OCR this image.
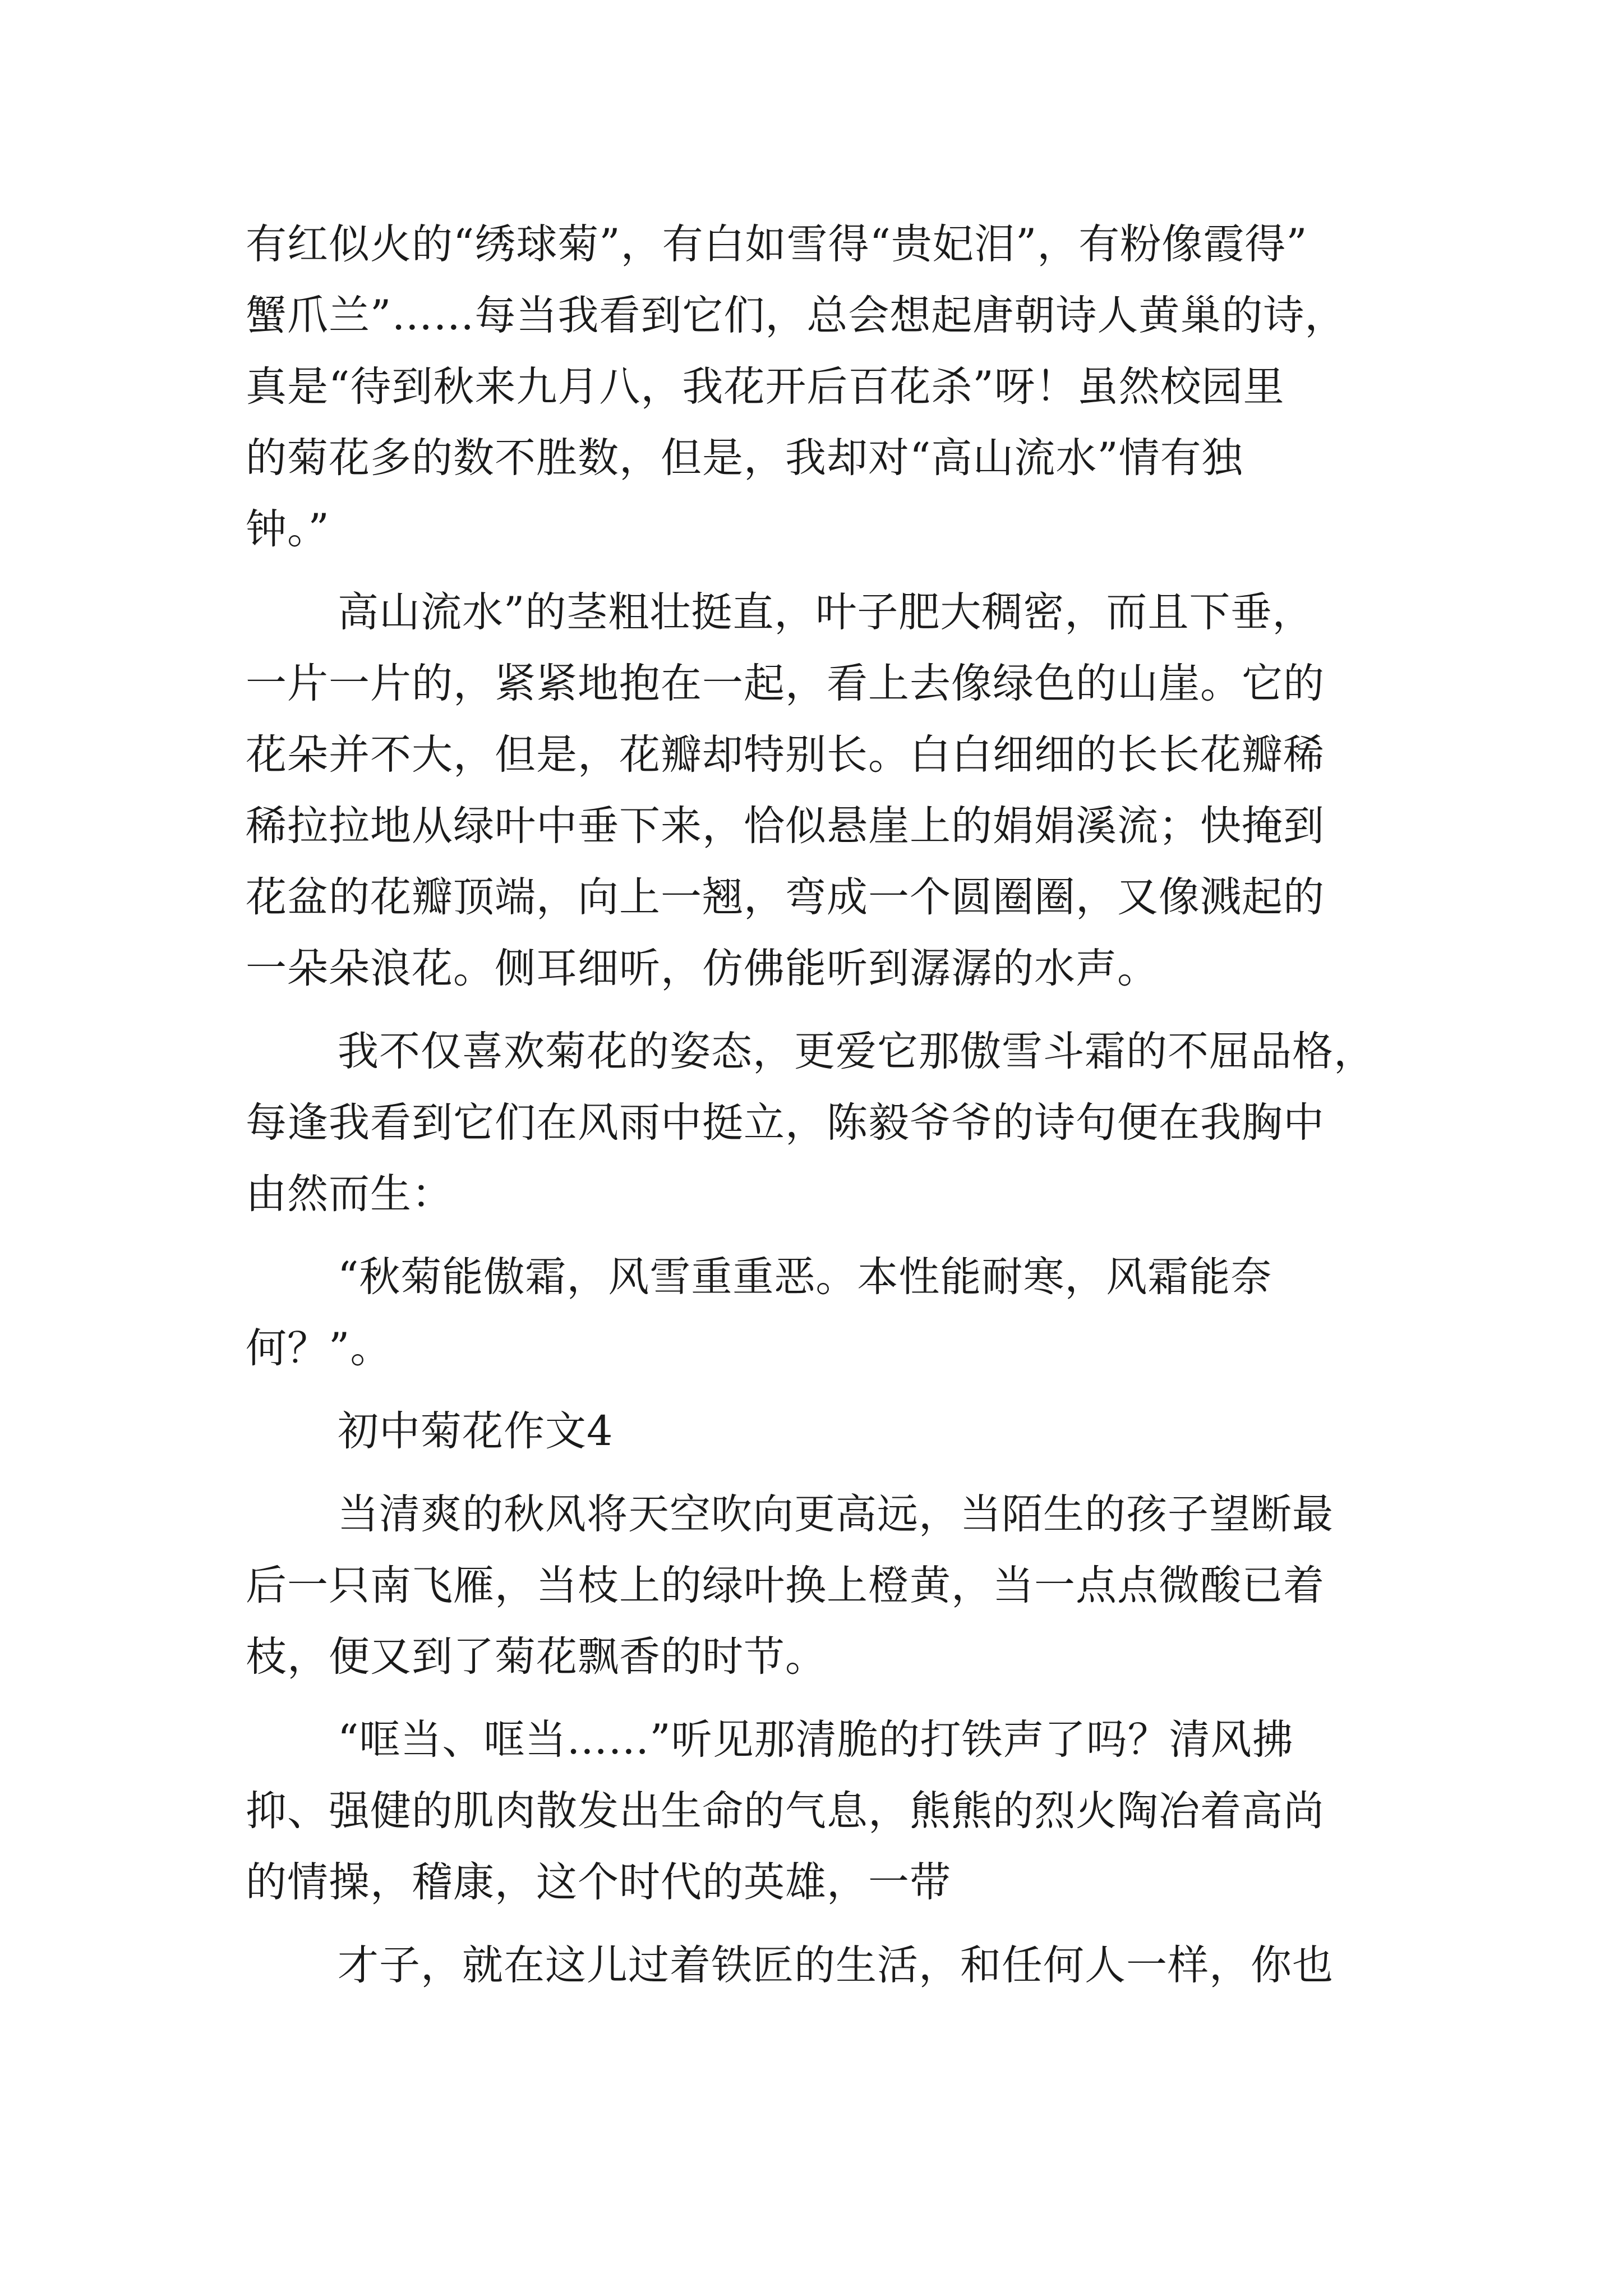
有红似火的“绣球菊”，有白如雪得“贵妃泪”，有粉像霞得”
蟹爪兰”……每当我看到它们，总会想起唐朝诗人黄巢的诗，
真是“待到秋来九月八，我花开后百花杀”呀！虽然校园里
的菊花多的数不胜数，但是，我却对“高山流水”情有独
钟。”
高山流水”的茎粗壮挺直，叶子肥大稠密，而且下垂，
一片一片的，紧紧地抱在一起，看上去像绿色的山崖。它的
花朵并不大，但是，花瓣却特别长。白白细细的长长花瓣稀
稀拉拉地从绿叶中垂下来，恰似悬崖上的娟娟溪流；快掩到
花盆的花瓣顶端，向上一翘，弯成一个圆圈圈，又像溅起的
一朵朵浪花。侧耳细听，仿佛能听到潺潺的水声。
我不仅喜欢菊花的姿态，更爱它那傲雪斗霜的不屈品格，
每逢我看到它们在风雨中挺立，陈毅爷爷的诗句便在我胸中
由然而生：
“秋菊能傲霜，风雪重重恶。本性能耐寒，风霜能奈
何？”。
初中菊花作文4
当清爽的秋风将天空吹向更高远，当陌生的孩子望断最
后一只南飞雁，当枝上的绿叶换上橙黄，当一点点微酸已着
枝，便又到了菊花飘香的时节。
“哐当、哐当……”听见那清脆的打铁声了吗？清风拂
抑、强健的肌肉散发出生命的气息，熊熊的烈火陶冶着高尚
的情操，稽康，这个时代的英雄，一带
才子，就在这儿过着铁匠的生活，和任何人一样，你也
